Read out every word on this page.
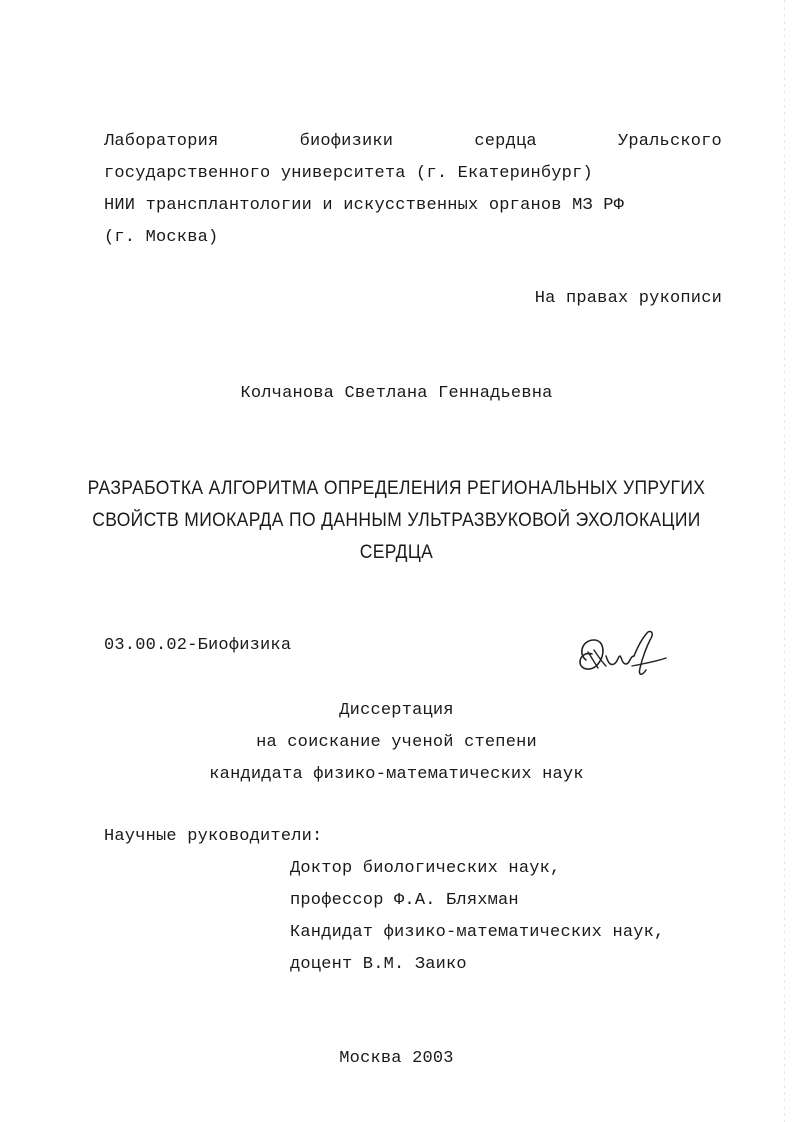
Лаборатория	биофизики	сердца	Уральского
государственного университета (г. Екатеринбург)
НИИ трансплантологии и искусственных органов МЗ РФ
(г. Москва)
На правах рукописи
Колчанова Светлана Геннадьевна
РАЗРАБОТКА АЛГОРИТМА ОПРЕДЕЛЕНИЯ РЕГИОНАЛЬНЫХ УПРУГИХ
СВОЙСТВ МИОКАРДА ПО ДАННЫМ УЛЬТРАЗВУКОВОЙ ЭХОЛОКАЦИИ
СЕРДЦА
03.00.02-Биофизика
Диссертация
на соискание ученой степени
кандидата физико-математических наук
Научные руководители:
Доктор биологических наук,
профессор Ф.А. Бляхман
Кандидат физико-математических наук,
доцент В.М. Заико
Москва 2003
